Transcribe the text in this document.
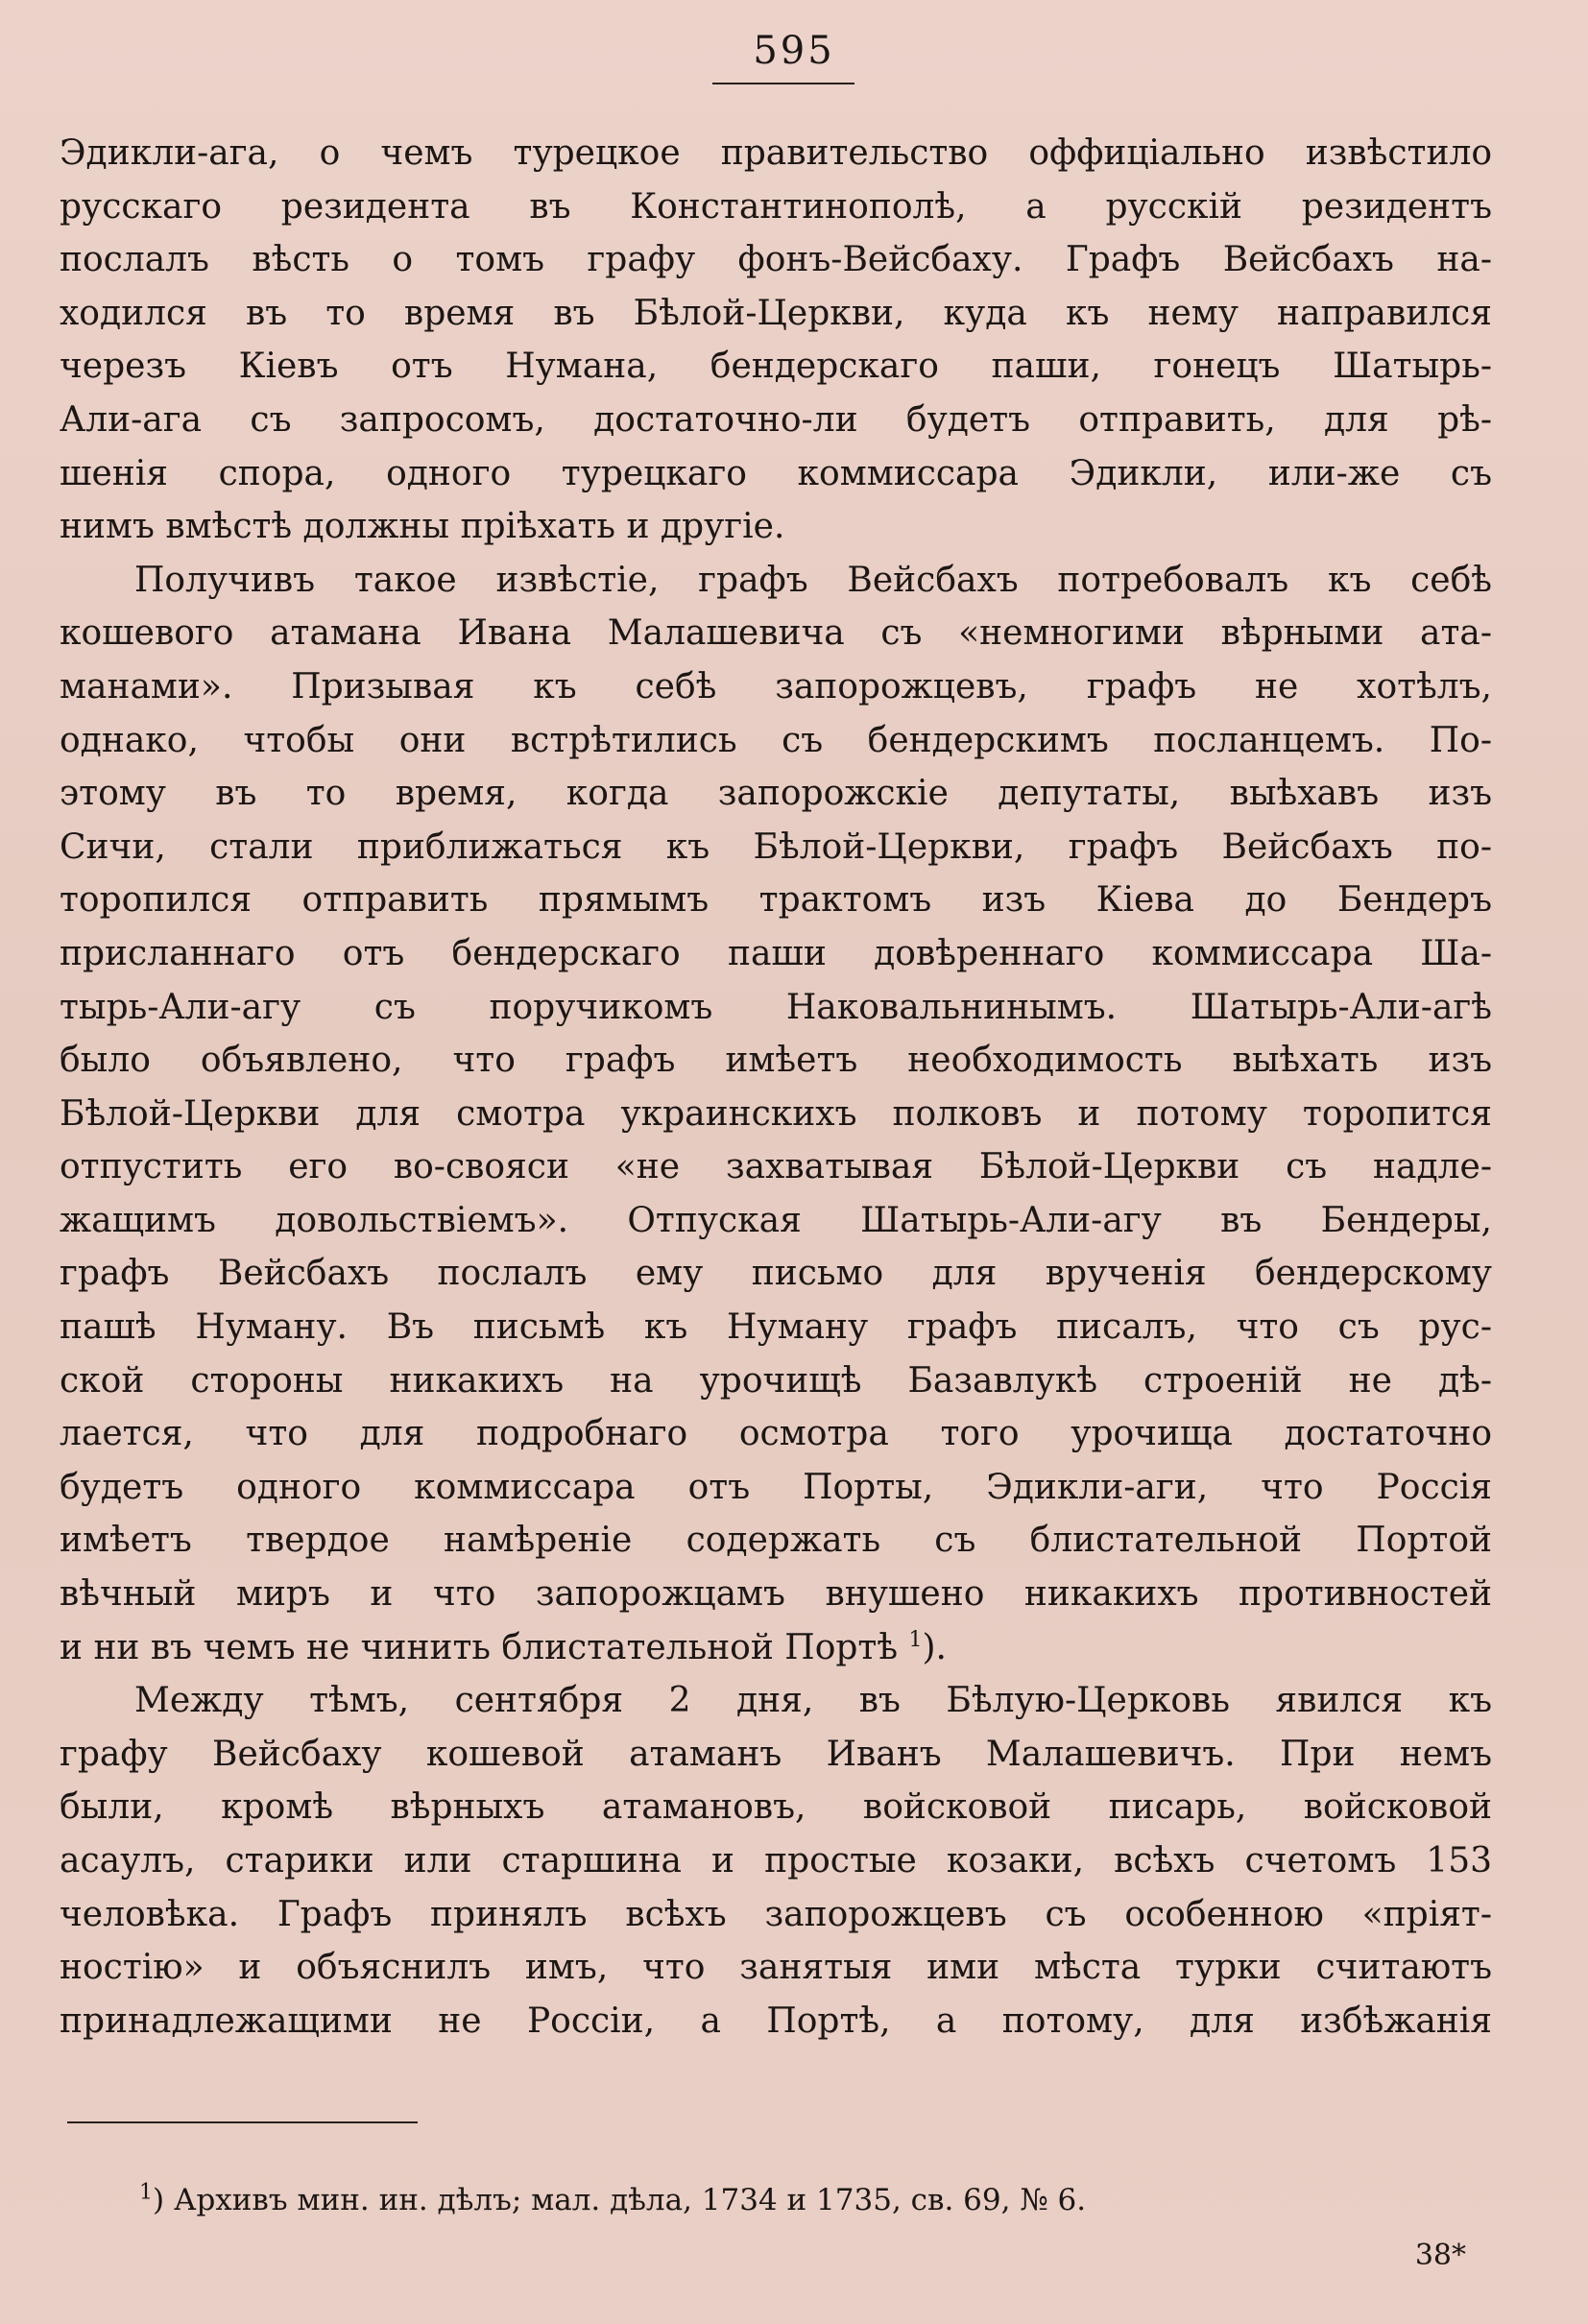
595
Эдикли-ага, о чемъ турецкое правительство оффиціально извѣстило
русскаго резидента въ Константинополѣ, а русскій резидентъ
послалъ вѣсть о томъ графу фонъ-Вейсбаху. Графъ Вейсбахъ на-
ходился въ то время въ Бѣлой-Церкви, куда къ нему направился
черезъ Кіевъ отъ Нумана, бендерскаго паши, гонецъ Шатырь-
Али-ага съ запросомъ, достаточно-ли будетъ отправить, для рѣ-
шенія спора, одного турецкаго коммиссара Эдикли, или-же съ
нимъ вмѣстѣ должны пріѣхать и другіе.
Получивъ такое извѣстіе, графъ Вейсбахъ потребовалъ къ себѣ
кошевого атамана Ивана Малашевича съ «немногими вѣрными ата-
манами». Призывая къ себѣ запорожцевъ, графъ не хотѣлъ,
однако, чтобы они встрѣтились съ бендерскимъ посланцемъ. По-
этому въ то время, когда запорожскіе депутаты, выѣхавъ изъ
Сичи, стали приближаться къ Бѣлой-Церкви, графъ Вейсбахъ по-
торопился отправить прямымъ трактомъ изъ Кіева до Бендеръ
присланнаго отъ бендерскаго паши довѣреннаго коммиссара Ша-
тырь-Али-агу съ поручикомъ Наковальнинымъ. Шатырь-Али-агѣ
было объявлено, что графъ имѣетъ необходимость выѣхать изъ
Бѣлой-Церкви для смотра украинскихъ полковъ и потому торопится
отпустить его во-свояси «не захватывая Бѣлой-Церкви съ надле-
жащимъ довольствіемъ». Отпуская Шатырь-Али-агу въ Бендеры,
графъ Вейсбахъ послалъ ему письмо для врученія бендерскому
пашѣ Нуману. Въ письмѣ къ Нуману графъ писалъ, что съ рус-
ской стороны никакихъ на урочищѣ Базавлукѣ строеній не дѣ-
лается, что для подробнаго осмотра того урочища достаточно
будетъ одного коммиссара отъ Порты, Эдикли-аги, что Россія
имѣетъ твердое намѣреніе содержать съ блистательной Портой
вѣчный миръ и что запорожцамъ внушено никакихъ противностей
и ни въ чемъ не чинить блистательной Портѣ $^1$).
Между тѣмъ, сентября 2 дня, въ Бѣлую-Церковь явился къ
графу Вейсбаху кошевой атаманъ Иванъ Малашевичъ. При немъ
были, кромѣ вѣрныхъ атамановъ, войсковой писарь, войсковой
асаулъ, старики или старшина и простые козаки, всѣхъ счетомъ 153
человѣка. Графъ принялъ всѣхъ запорожцевъ съ особенною «пріят-
ностію» и объяснилъ имъ, что занятыя ими мѣста турки считаютъ
принадлежащими не Россіи, а Портѣ, а потому, для избѣжанія
$^1$) Архивъ мин. ин. дѣлъ; мал. дѣла, 1734 и 1735, св. 69, № 6.
38*
